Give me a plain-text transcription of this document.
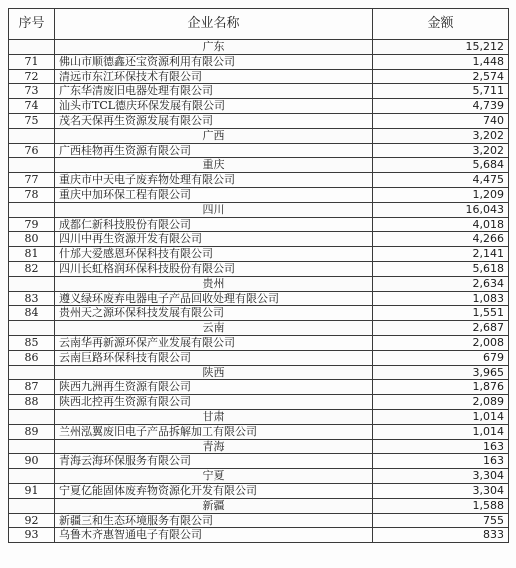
序号	企业名称	金额
	广东	15,212
71	佛山市顺德鑫还宝资源利用有限公司	1,448
72	清远市东江环保技术有限公司	2,574
73	广东华清废旧电器处理有限公司	5,711
74	汕头市TCL德庆环保发展有限公司	4,739
75	茂名天保再生资源发展有限公司	740
	广西	3,202
76	广西桂物再生资源有限公司	3,202
	重庆	5,684
77	重庆市中天电子废弃物处理有限公司	4,475
78	重庆中加环保工程有限公司	1,209
	四川	16,043
79	成都仁新科技股份有限公司	4,018
80	四川中再生资源开发有限公司	4,266
81	什邡大爱感恩环保科技有限公司	2,141
82	四川长虹格润环保科技股份有限公司	5,618
	贵州	2,634
83	遵义绿环废弃电器电子产品回收处理有限公司	1,083
84	贵州天之源环保科技发展有限公司	1,551
	云南	2,687
85	云南华再新源环保产业发展有限公司	2,008
86	云南巨路环保科技有限公司	679
	陕西	3,965
87	陕西九洲再生资源有限公司	1,876
88	陕西北控再生资源有限公司	2,089
	甘肃	1,014
89	兰州泓翼废旧电子产品拆解加工有限公司	1,014
	青海	163
90	青海云海环保服务有限公司	163
	宁夏	3,304
91	宁夏亿能固体废弃物资源化开发有限公司	3,304
	新疆	1,588
92	新疆三和生态环境服务有限公司	755
93	乌鲁木齐惠智通电子有限公司	833
